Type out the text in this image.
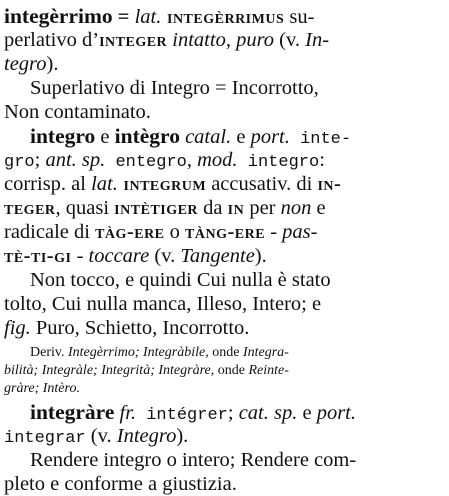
integèrrimo = lat. integèrrimus su-
perlativo d’integer intatto, puro (v. In-
tegro).
Superlativo di Integro = Incorrotto,
Non contaminato.
integro e intègro catal. e port. inte-
gro; ant. sp. entegro, mod. integro:
corrisp. al lat. integrum accusativ. di in-
teger, quasi intètiger da in per non e
radicale di tàg-ere o tàng-ere - pas-
tè-ti-gi - toccare (v. Tangente).
Non tocco, e quindi Cui nulla è stato
tolto, Cui nulla manca, Illeso, Intero; e
fig. Puro, Schietto, Incorrotto.
Deriv. Integèrrimo; Integràbile, onde Integra-
bilità; Integràle; Integrità; Integràre, onde Reinte-
gràre; Intèro.
integràre fr. intégrer; cat. sp. e port.
integrar (v. Integro).
Rendere integro o intero; Rendere com-
pleto e conforme a giustizia.
